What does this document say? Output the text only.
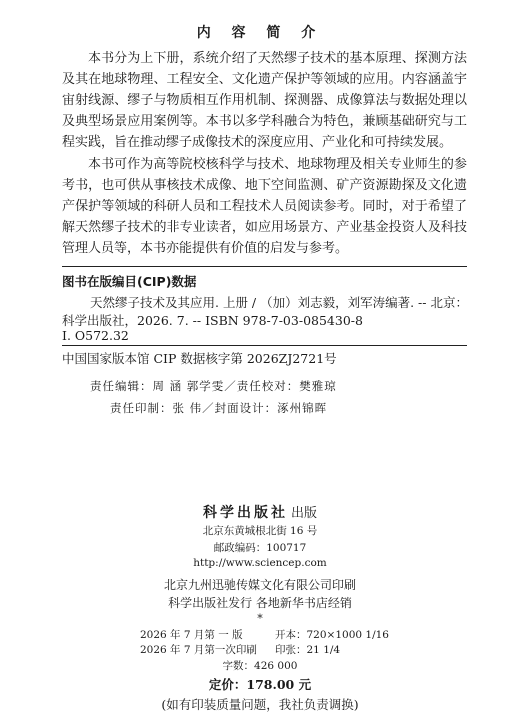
内 容 简 介

本书分为上下册，系统介绍了天然缪子技术的基本原理、探测方法及其在地球物理、工程安全、文化遗产保护等领域的应用。内容涵盖宇宙射线源、缪子与物质相互作用机制、探测器、成像算法与数据处理以及典型场景应用案例等。本书以多学科融合为特色，兼顾基础研究与工程实践，旨在推动缪子成像技术的深度应用、产业化和可持续发展。

本书可作为高等院校核科学与技术、地球物理及相关专业师生的参考书，也可供从事核技术成像、地下空间监测、矿产资源勘探及文化遗产保护等领域的科研人员和工程技术人员阅读参考。同时，对于希望了解天然缪子技术的非专业读者，如应用场景方、产业基金投资人及科技管理人员等，本书亦能提供有价值的启发与参考。

图书在版编目(CIP)数据
天然缪子技术及其应用. 上册 / （加）刘志毅，刘军涛编著. -- 北京：
科学出版社，2026. 7. -- ISBN 978-7-03-085430-8
I. O572.32
中国国家版本馆 CIP 数据核字第 2026ZJ2721号
责任编辑：周 涵 郭学雯／责任校对：樊雅琼
责任印制：张 伟／封面设计：涿州锦晖
科学出版社 出版
北京东黄城根北街 16 号
邮政编码：100717
http://www.sciencep.com
北京九州迅驰传媒文化有限公司印刷
科学出版社发行 各地新华书店经销
*
2026 年 7 月第 一 版	开本：720×1000 1/16
2026 年 7 月第一次印刷 印张：21 1/4
字数：426 000
定价：178.00 元
(如有印装质量问题，我社负责调换)
